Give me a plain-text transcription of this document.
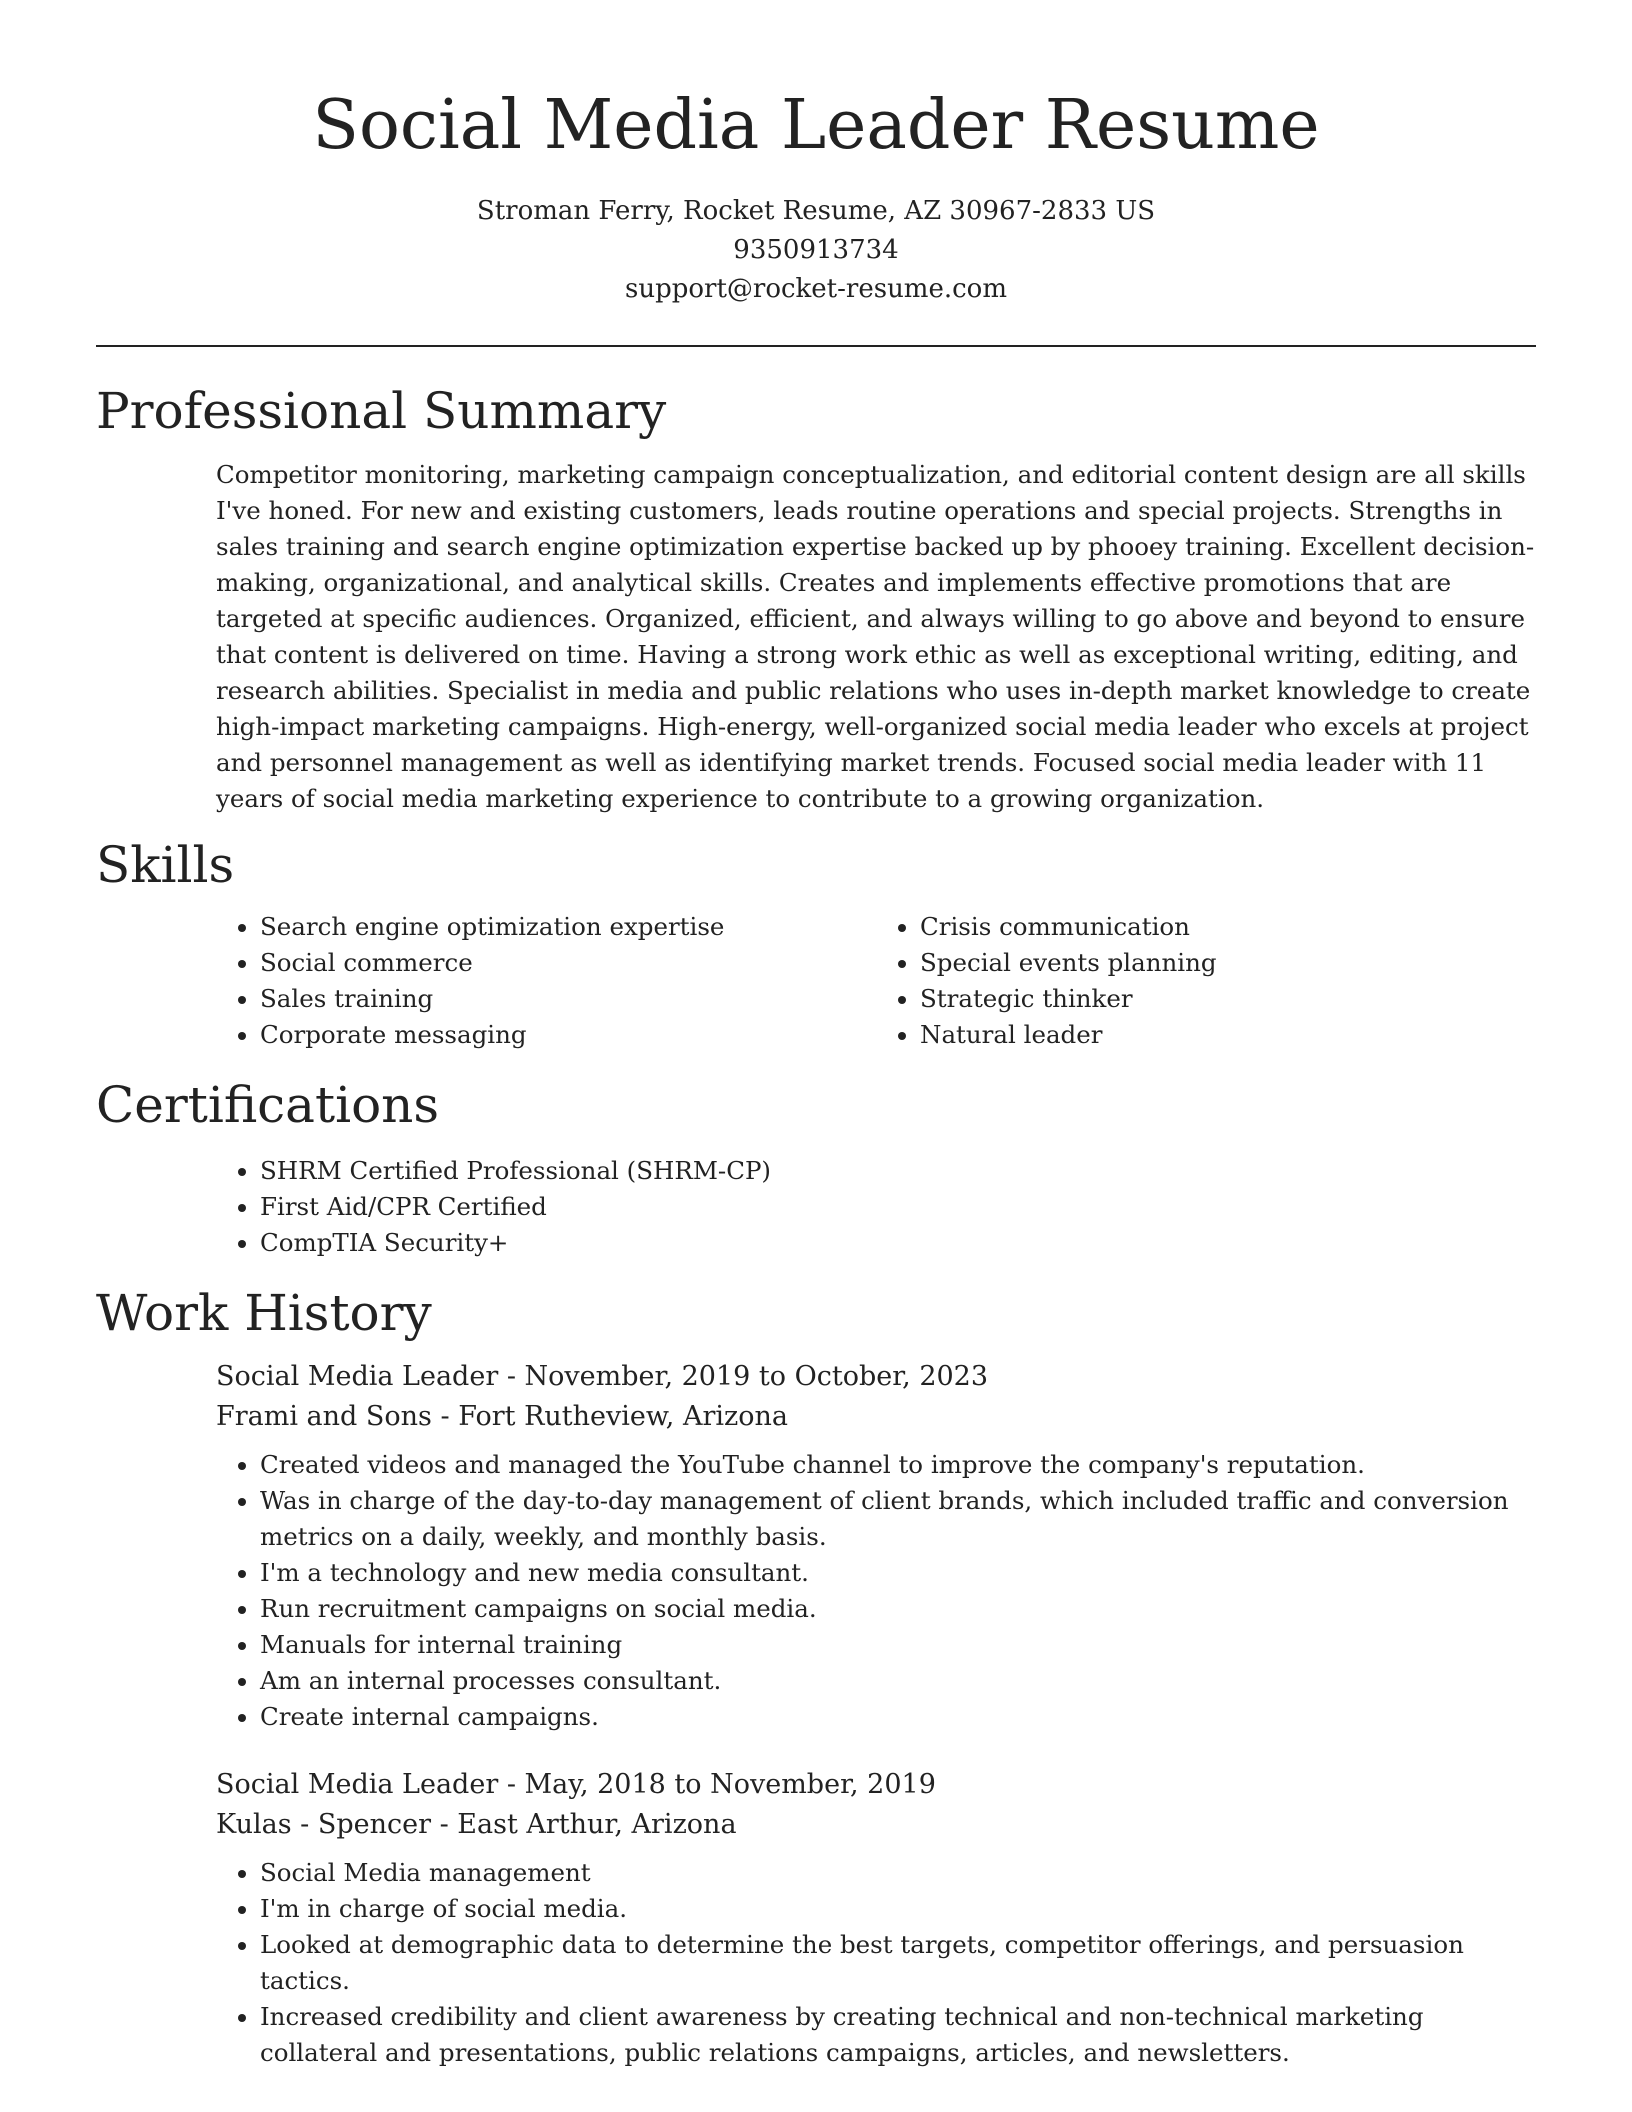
Social Media Leader Resume
Stroman Ferry, Rocket Resume, AZ 30967-2833 US
9350913734
support@rocket-resume.com
Professional Summary

Competitor monitoring, marketing campaign conceptualization, and editorial content design are all skills I've honed. For new and existing customers, leads routine operations and special projects. Strengths in sales training and search engine optimization expertise backed up by phooey training. Excellent decision-making, organizational, and analytical skills. Creates and implements effective promotions that are targeted at specific audiences. Organized, efficient, and always willing to go above and beyond to ensure that content is delivered on time. Having a strong work ethic as well as exceptional writing, editing, and research abilities. Specialist in media and public relations who uses in-depth market knowledge to create high-impact marketing campaigns. High-energy, well-organized social media leader who excels at project and personnel management as well as identifying market trends. Focused social media leader with 11 years of social media marketing experience to contribute to a growing organization.

Skills
• Search engine optimization expertise
• Social commerce
• Sales training
• Corporate messaging
• Crisis communication
• Special events planning
• Strategic thinker
• Natural leader
Certifications
• SHRM Certified Professional (SHRM-CP)
• First Aid/CPR Certified
• CompTIA Security+
Work History
Social Media Leader - November, 2019 to October, 2023
Frami and Sons - Fort Rutheview, Arizona
• Created videos and managed the YouTube channel to improve the company's reputation.
• Was in charge of the day-to-day management of client brands, which included traffic and conversion metrics on a daily, weekly, and monthly basis.
• I'm a technology and new media consultant.
• Run recruitment campaigns on social media.
• Manuals for internal training
• Am an internal processes consultant.
• Create internal campaigns.
Social Media Leader - May, 2018 to November, 2019
Kulas - Spencer - East Arthur, Arizona
• Social Media management
• I'm in charge of social media.
• Looked at demographic data to determine the best targets, competitor offerings, and persuasion tactics.
• Increased credibility and client awareness by creating technical and non-technical marketing collateral and presentations, public relations campaigns, articles, and newsletters.
